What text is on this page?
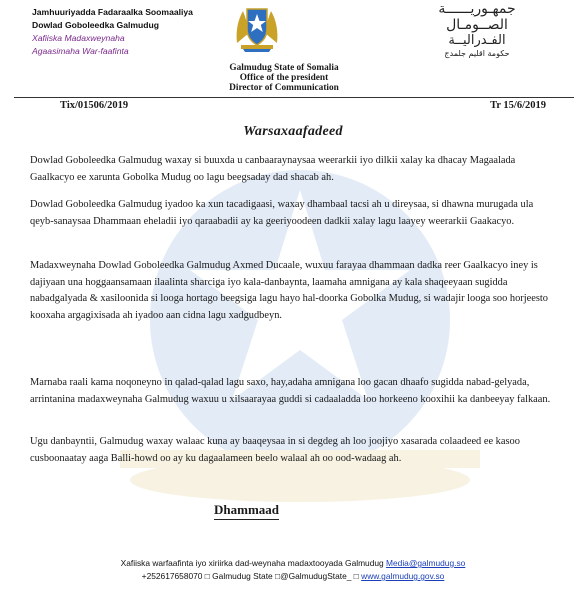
Jamhuuriyadda Fadaraalka Soomaaliya
Dowlad Goboleedka Galmudug
Xafiiska Madaxweynaha
Agaasimaha War-faafinta
جمهـوريــــــة
الصــومـال
الفـدراليــة
حكومة اقليم جلمدج
Galmudug State of Somalia
Office of the president
Director of Communication
Tix/01506/2019	Tr 15/6/2019
Warsaxaafadeed

Dowlad Goboleedka Galmudug waxay si buuxda u canbaaraynaysaa weerarkii iyo dilkii xalay ka dhacay Magaalada Gaalkacyo ee xarunta Gobolka Mudug oo lagu beegsaday dad shacab ah.

Dowlad Goboleedka Galmudug iyadoo ka xun tacadigaasi, waxay dhambaal tacsi ah u direysaa, si dhawna murugada ula qeyb-sanaysaa Dhammaan eheladii iyo qaraabadii ay ka geeriyoodeen dadkii xalay lagu laayey weerarkii Gaakacyo.

Madaxweynaha Dowlad Goboleedka Galmudug Axmed Ducaale, wuxuu farayaa dhammaan dadka reer Gaalkacyo iney is dajiyaan una hoggaansamaan ilaalinta sharciga iyo kala-danbaynta, laamaha amnigana ay kala shaqeeyaan sugidda nabadgalyada & xasiloonida si looga hortago beegsiga lagu hayo hal-doorka Gobolka Mudug, si wadajir looga soo horjeesto kooxaha argagixisada ah iyadoo aan cidna lagu xadgudbeyn.

Marnaba raali kama noqoneyno in qalad-qalad lagu saxo, hay,adaha amnigana loo gacan dhaafo sugidda nabad-gelyada, arrintanina madaxweynaha Galmudug waxuu u xilsaarayaa guddi si cadaaladda loo horkeeno kooxihii ka danbeeyay falkaan.

Ugu danbayntii, Galmudug waxay walaac kuna ay baaqeysaa in si degdeg ah loo joojiyo xasarada colaadeed ee kasoo cusboonaatay aaga Balli-howd oo ay ku dagaalameen beelo walaal ah oo ood-wadaag ah.

Dhammaad
Xafiiska warfaafinta iyo xiriirka dad-weynaha madaxtooyada Galmudug Media@galmudug.so
+252617658070 □ Galmudug State □@GalmudugState_ □ www.galmudug.gov.so
